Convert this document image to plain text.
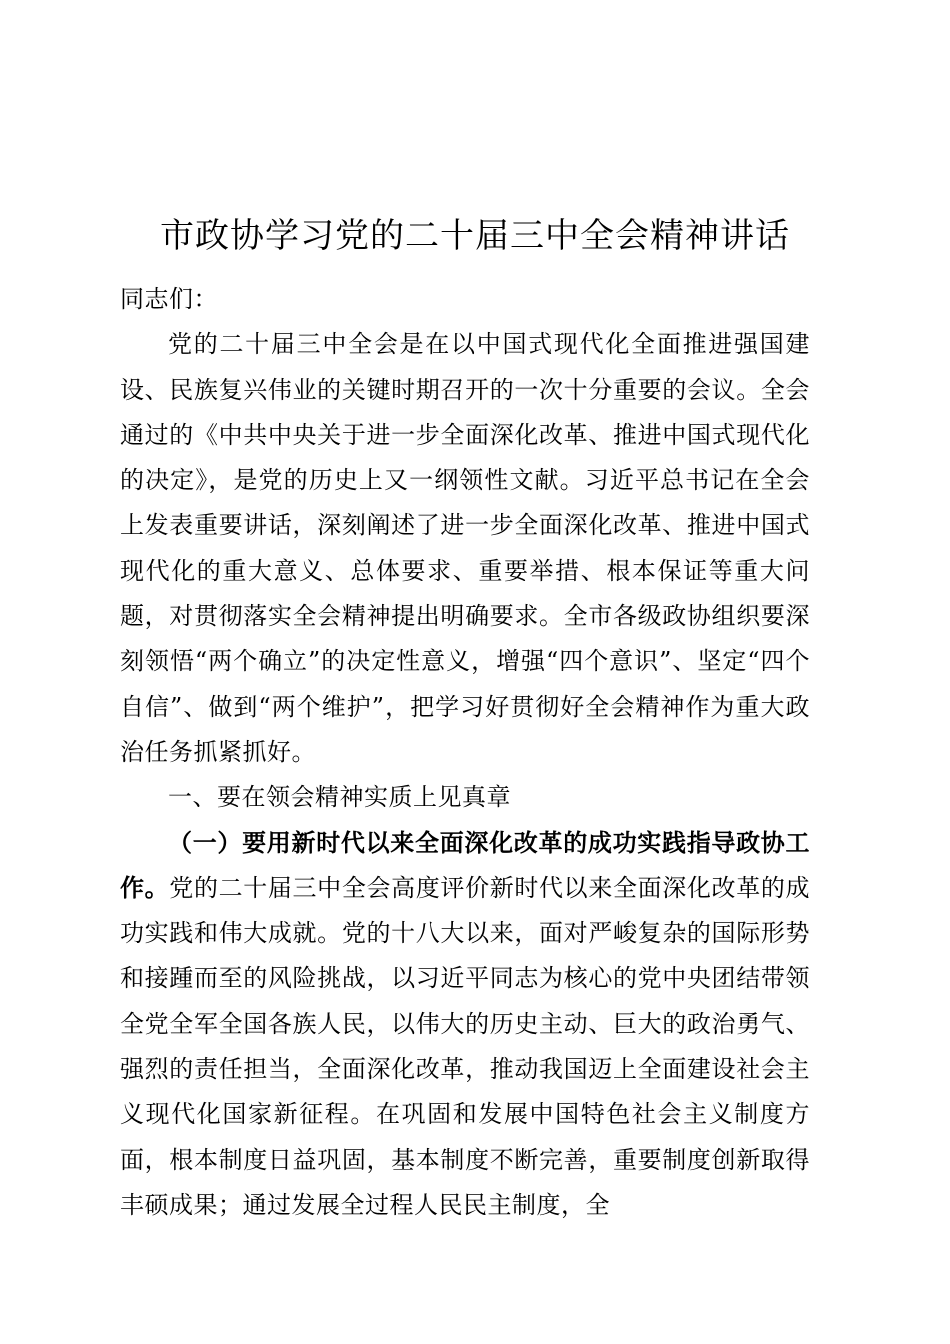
市政协学习党的二十届三中全会精神讲话

同志们：

党的二十届三中全会是在以中国式现代化全面推进强国建设、民族复兴伟业的关键时期召开的一次十分重要的会议。全会通过的《中共中央关于进一步全面深化改革、推进中国式现代化的决定》，是党的历史上又一纲领性文献。习近平总书记在全会上发表重要讲话，深刻阐述了进一步全面深化改革、推进中国式现代化的重大意义、总体要求、重要举措、根本保证等重大问题，对贯彻落实全会精神提出明确要求。全市各级政协组织要深刻领悟“两个确立”的决定性意义，增强“四个意识”、坚定“四个自信”、做到“两个维护”，把学习好贯彻好全会精神作为重大政治任务抓紧抓好。

一、要在领会精神实质上见真章

（一）要用新时代以来全面深化改革的成功实践指导政协工作。党的二十届三中全会高度评价新时代以来全面深化改革的成功实践和伟大成就。党的十八大以来，面对严峻复杂的国际形势和接踵而至的风险挑战，以习近平同志为核心的党中央团结带领全党全军全国各族人民，以伟大的历史主动、巨大的政治勇气、强烈的责任担当，全面深化改革，推动我国迈上全面建设社会主义现代化国家新征程。在巩固和发展中国特色社会主义制度方面，根本制度日益巩固，基本制度不断完善，重要制度创新取得丰硕成果；通过发展全过程人民民主制度，全
